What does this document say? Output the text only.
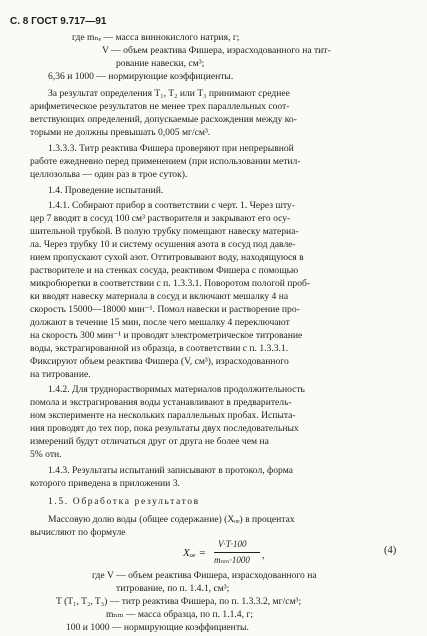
С. 8 ГОСТ 9.717—91
где mₙₑ — масса виннокислого натрия, г;
V — объем реактива Фишера, израсходованного на тит-
рование навески, см³;
6,36 и 1000 — нормирующие коэффициенты.
За результат определения T₁, T₂ или T₃ принимают среднее
арифметическое результатов не менее трех параллельных соот-
ветствующих определений, допускаемые расхождения между ко-
торыми не должны превышать 0,005 мг/см³.
1.3.3.3. Титр реактива Фишера проверяют при непрерывной
работе ежедневно перед применением (при использовании метил-
целлозольва — один раз в трое суток).
1.4. Проведение испытаний.
1.4.1. Собирают прибор в соответствии с черт. 1. Через шту-
цер 7 вводят в сосуд 100 см³ растворителя и закрывают его осу-
шительной трубкой. В полую трубку помещают навеску материа-
ла. Через трубку 10 и систему осушения азота в сосуд под давле-
нием пропускают сухой азот. Оттитровывают воду, находящуюся в
растворителе и на стенках сосуда, реактивом Фишера с помощью
микробюретки в соответствии с п. 1.3.3.1. Поворотом пологой проб-
ки вводят навеску материала в сосуд и включают мешалку 4 на
скорость 15000—18000 мин⁻¹. Помол навески и растворение про-
должают в течение 15 мин, после чего мешалку 4 переключают
на скорость 300 мин⁻¹ и проводят электрометрическое титрование
воды, экстрагированной из образца, в соответствии с п. 1.3.3.1.
Фиксируют объем реактива Фишера (V, см³), израсходованного
на титрование.
1.4.2. Для труднорастворимых материалов продолжительность
помола и экстрагирования воды устанавливают в предваритель-
ном эксперименте на нескольких параллельных пробах. Испыта-
ния проводят до тех пор, пока результаты двух последовательных
измерений будут отличаться друг от друга не более чем на
5% отн.
1.4.3. Результаты испытаний записывают в протокол, форма
которого приведена в приложении 3.
1.5. Обработка результатов
Массовую долю воды (общее содержание) (Xₒₑ) в процентах
вычисляют по формуле
где V — объем реактива Фишера, израсходованного на
титрование, по п. 1.4.1, см³;
T (T₁, T₂, T₃) — титр реактива Фишера, по п. 1.3.3.2, мг/см³;
mₙₘ — масса образца, по п. 1.1.4, г;
100 и 1000 — нормирующие коэффициенты.
Xₒₑ =
V·T·100
mₙₘ·1000 ,	(4)
